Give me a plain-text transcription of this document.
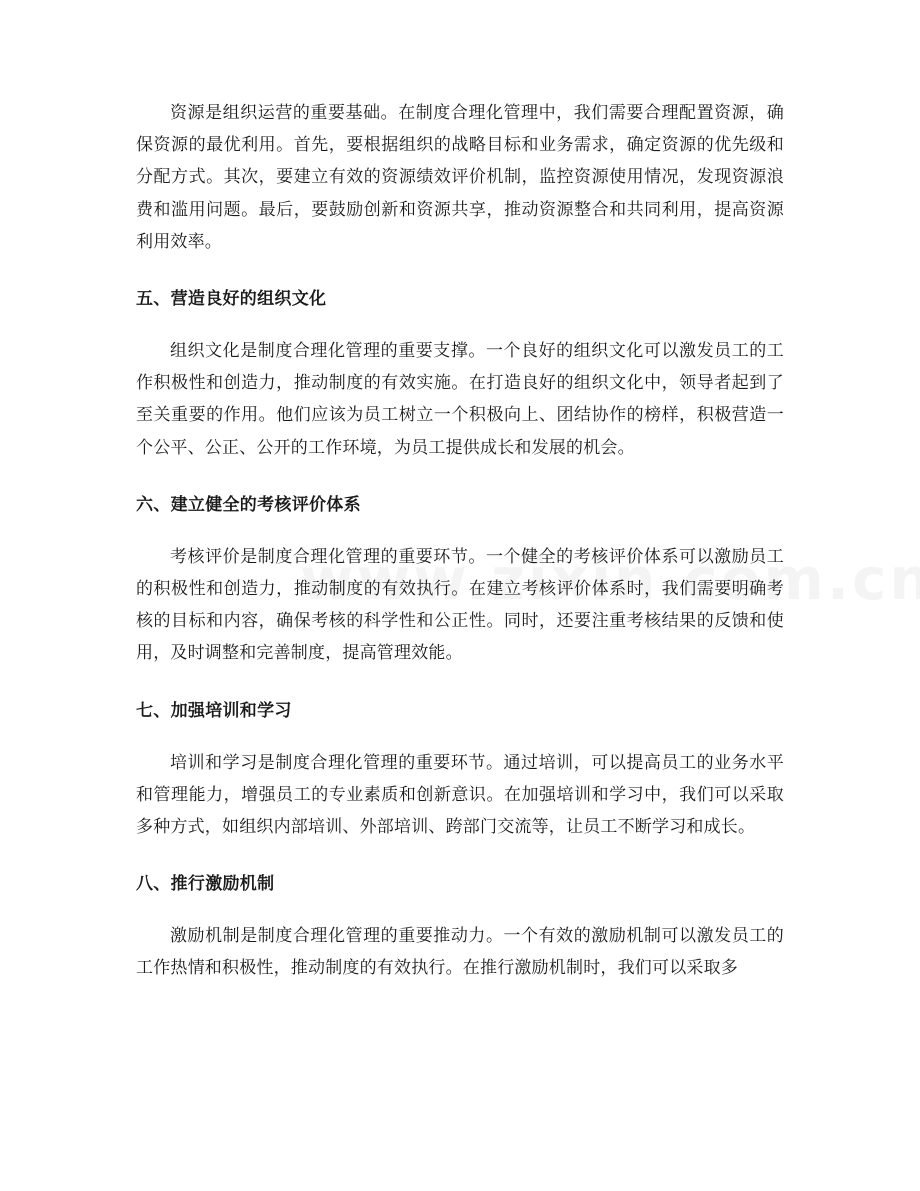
资源是组织运营的重要基础。在制度合理化管理中，我们需要合理配置资源，确保资源的最优利用。首先，要根据组织的战略目标和业务需求，确定资源的优先级和分配方式。其次，要建立有效的资源绩效评价机制，监控资源使用情况，发现资源浪费和滥用问题。最后，要鼓励创新和资源共享，推动资源整合和共同利用，提高资源利用效率。

五、营造良好的组织文化

组织文化是制度合理化管理的重要支撑。一个良好的组织文化可以激发员工的工作积极性和创造力，推动制度的有效实施。在打造良好的组织文化中，领导者起到了至关重要的作用。他们应该为员工树立一个积极向上、团结协作的榜样，积极营造一个公平、公正、公开的工作环境，为员工提供成长和发展的机会。

六、建立健全的考核评价体系

考核评价是制度合理化管理的重要环节。一个健全的考核评价体系可以激励员工的积极性和创造力，推动制度的有效执行。在建立考核评价体系时，我们需要明确考核的目标和内容，确保考核的科学性和公正性。同时，还要注重考核结果的反馈和使用，及时调整和完善制度，提高管理效能。

七、加强培训和学习

培训和学习是制度合理化管理的重要环节。通过培训，可以提高员工的业务水平和管理能力，增强员工的专业素质和创新意识。在加强培训和学习中，我们可以采取多种方式，如组织内部培训、外部培训、跨部门交流等，让员工不断学习和成长。

八、推行激励机制

激励机制是制度合理化管理的重要推动力。一个有效的激励机制可以激发员工的工作热情和积极性，推动制度的有效执行。在推行激励机制时，我们可以采取多
